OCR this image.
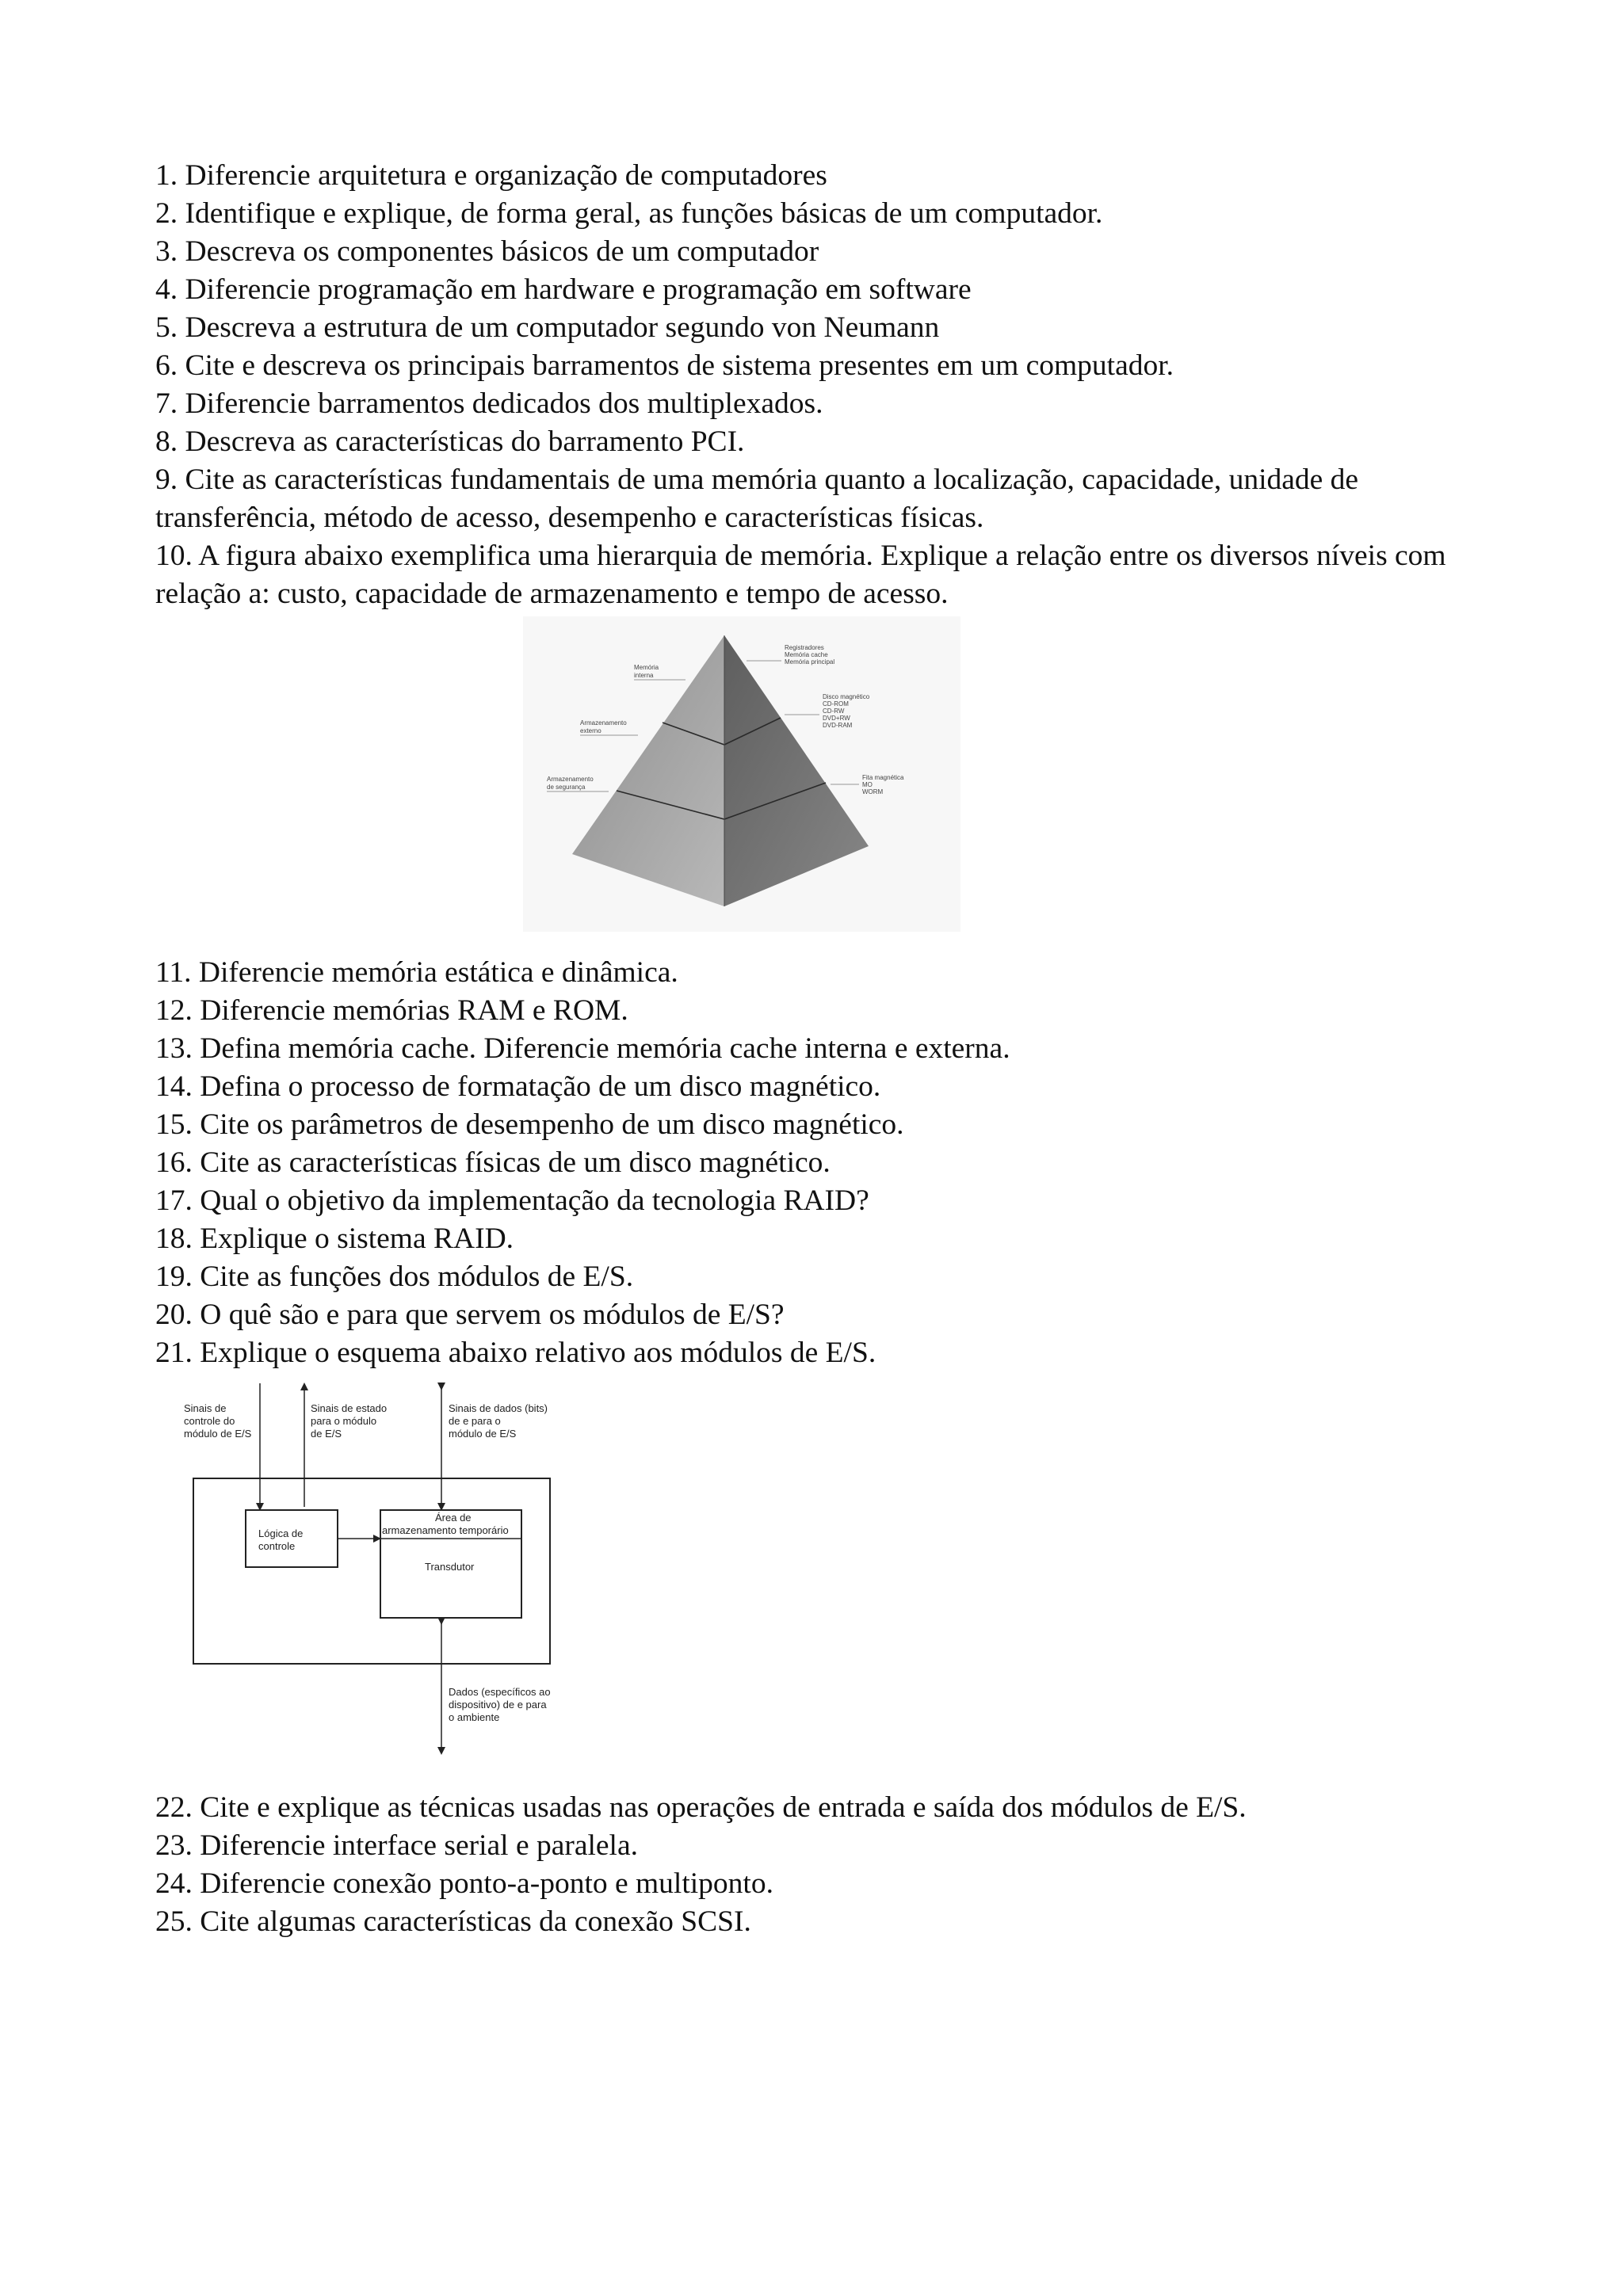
1. Diferencie arquitetura e organização de computadores
2. Identifique e explique, de forma geral, as funções básicas de um computador.
3. Descreva os componentes básicos de um computador
4. Diferencie programação em hardware e programação em software
5. Descreva a estrutura de um computador segundo von Neumann
6. Cite e descreva os principais barramentos de sistema presentes em um computador.
7. Diferencie barramentos dedicados dos multiplexados.
8. Descreva as características do barramento PCI.
9. Cite as características fundamentais de uma memória quanto a localização, capacidade, unidade de transferência, método de acesso, desempenho e características físicas.
10. A figura abaixo exemplifica uma hierarquia de memória. Explique a relação entre os diversos níveis com relação a: custo, capacidade de armazenamento e tempo de acesso.
Memória
interna
Armazenamento
externo
Armazenamento
de segurança
Registradores
Memória cache
Memória principal
Disco magnético
CD-ROM
CD-RW
DVD+RW
DVD-RAM
Fita magnética
MO
WORM
11. Diferencie memória estática e dinâmica.
12. Diferencie memórias RAM e ROM.
13. Defina memória cache. Diferencie memória cache interna e externa.
14. Defina o processo de formatação de um disco magnético.
15. Cite os parâmetros de desempenho de um disco magnético.
16. Cite as características físicas de um disco magnético.
17. Qual o objetivo da implementação da tecnologia RAID?
18. Explique o sistema RAID.
19. Cite as funções dos módulos de E/S.
20. O quê são e para que servem os módulos de E/S?
21. Explique o esquema abaixo relativo aos módulos de E/S.
Sinais de
controle do
módulo de E/S
Sinais de estado
para o módulo
de E/S
Sinais de dados (bits)
de e para o
módulo de E/S
Lógica de
controle
Área de
armazenamento temporário
Transdutor
Dados (específicos ao
dispositivo) de e para
o ambiente
22. Cite e explique as técnicas usadas nas operações de entrada e saída dos módulos de E/S.
23. Diferencie interface serial e paralela.
24. Diferencie conexão ponto-a-ponto e multiponto.
25. Cite algumas características da conexão SCSI.
